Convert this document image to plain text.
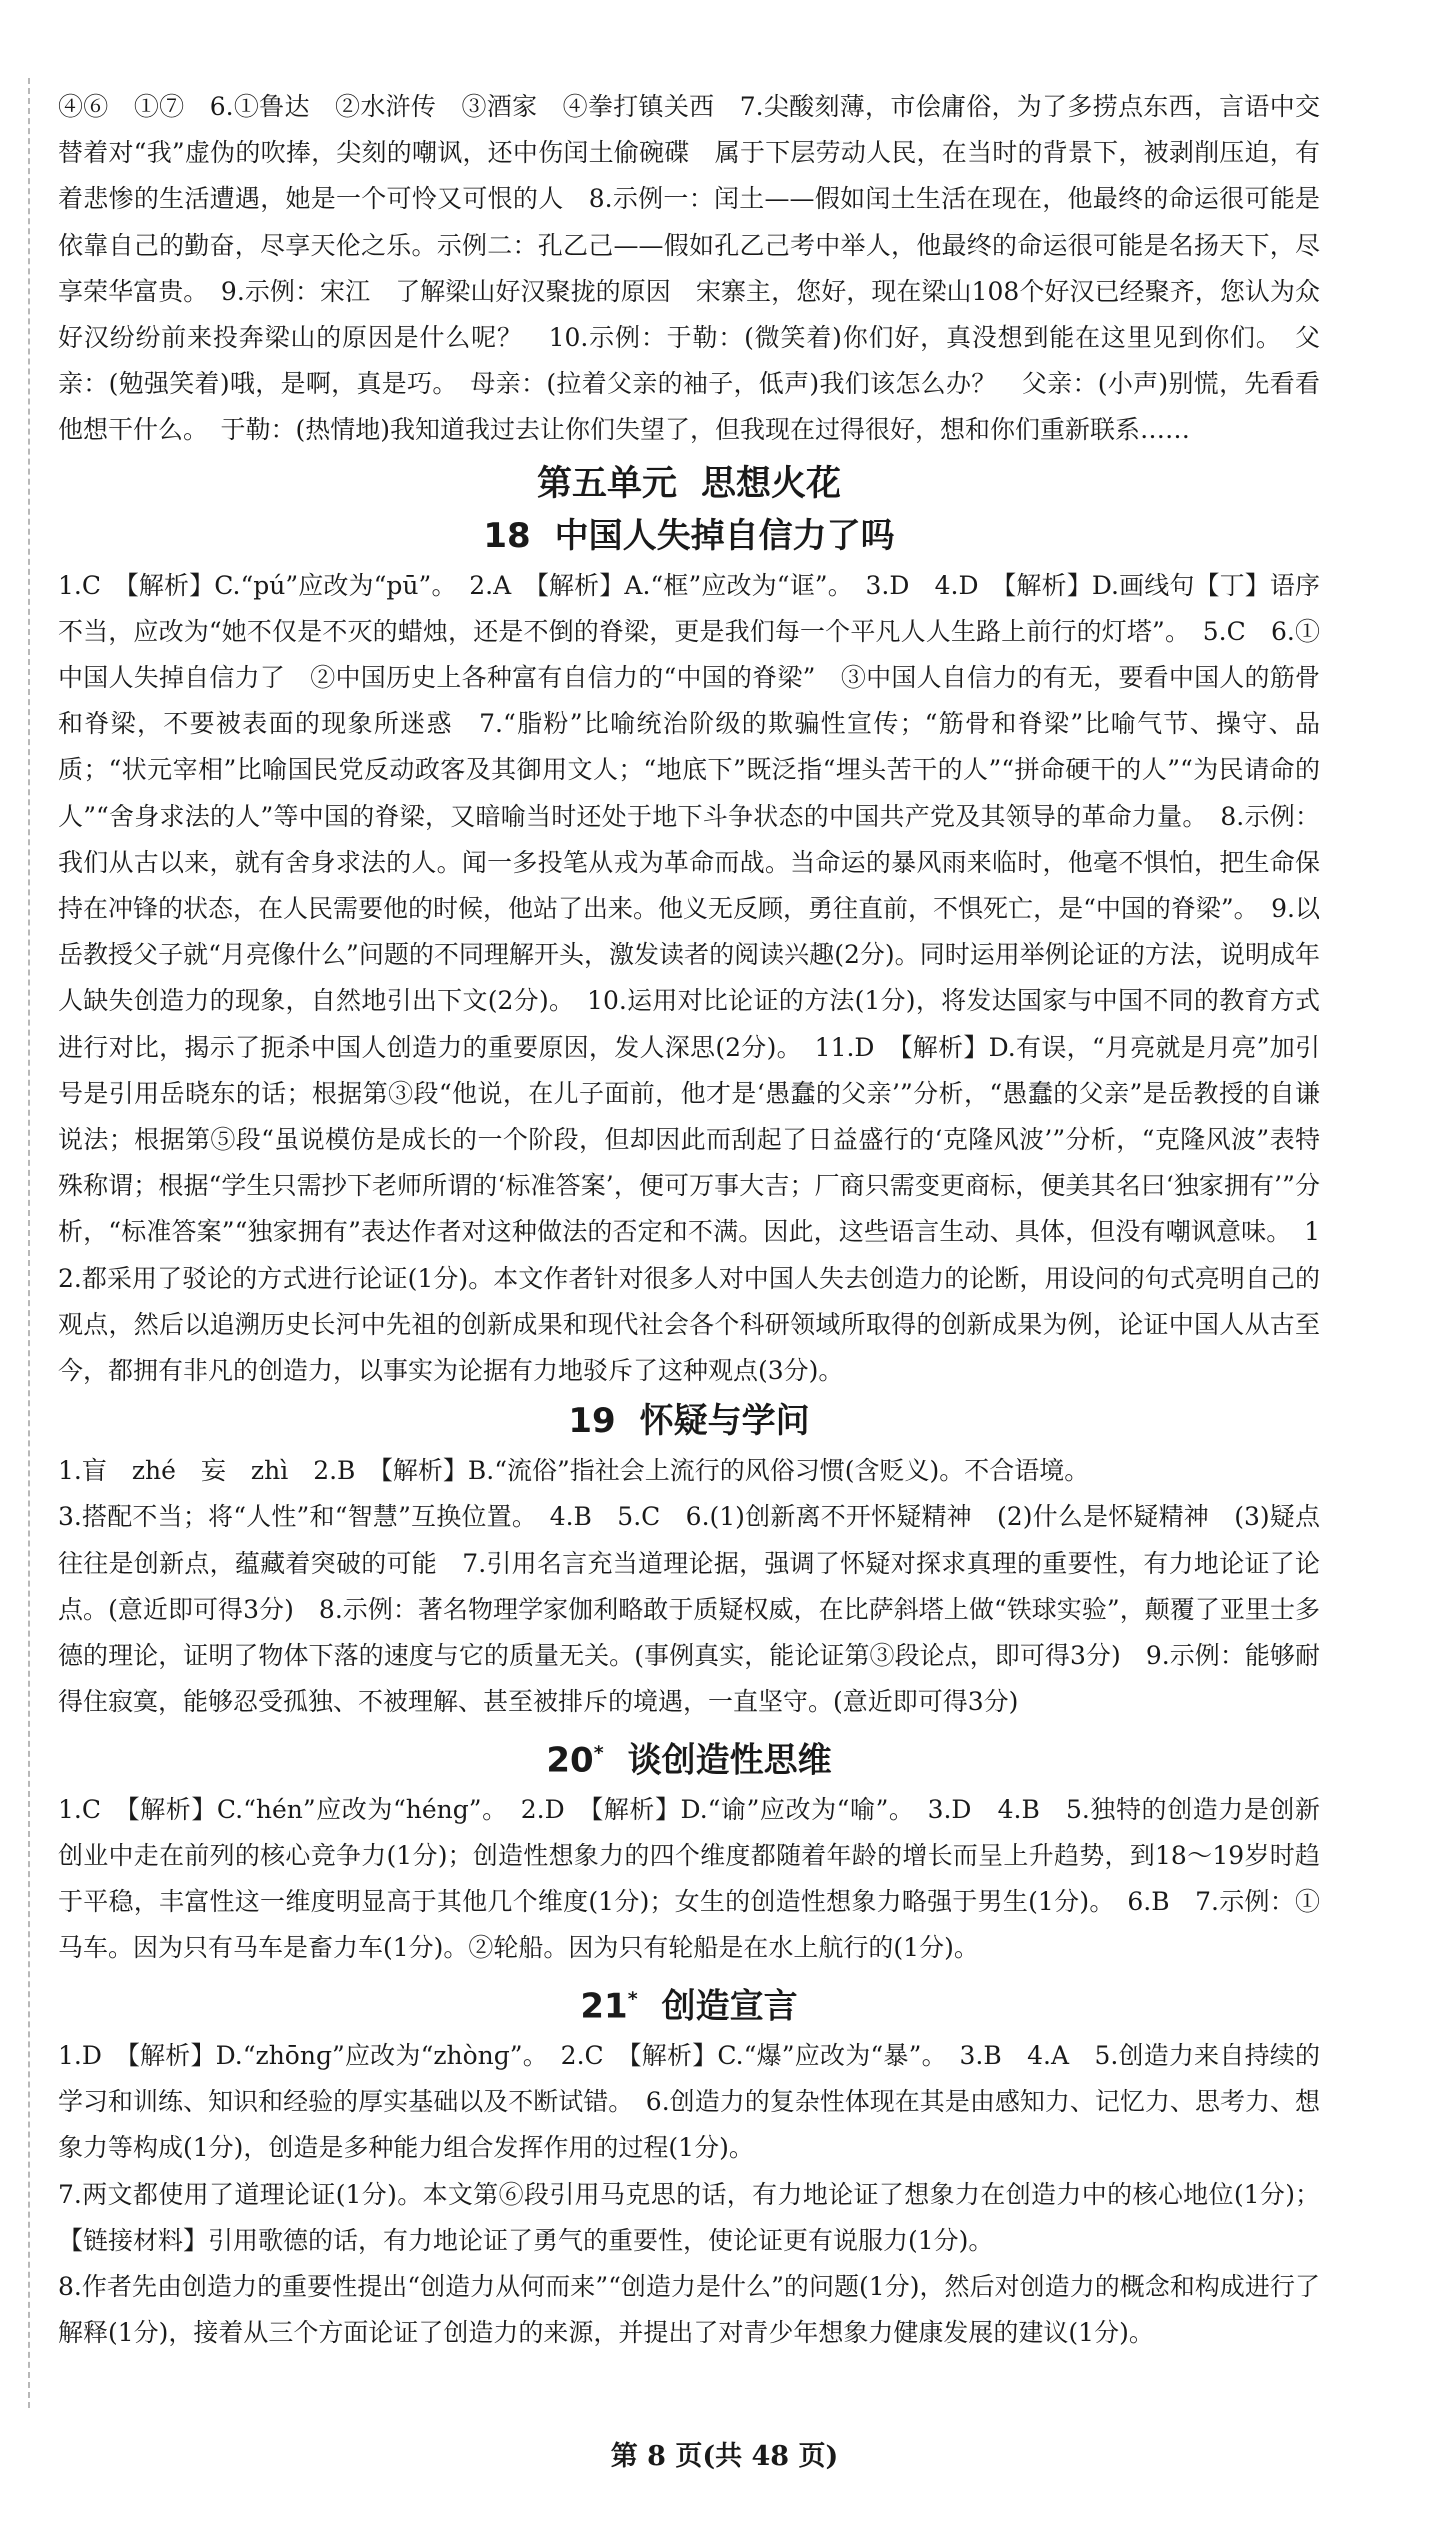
④⑥　①⑦　6.①鲁达　②水浒传　③酒家　④拳打镇关西　7.尖酸刻薄，市侩庸俗，为了多捞点东西，言语中交替着对“我”虚伪的吹捧，尖刻的嘲讽，还中伤闰土偷碗碟　属于下层劳动人民，在当时的背景下，被剥削压迫，有着悲惨的生活遭遇，她是一个可怜又可恨的人　8.示例一：闰土——假如闰土生活在现在，他最终的命运很可能是依靠自己的勤奋，尽享天伦之乐。示例二：孔乙己——假如孔乙己考中举人，他最终的命运很可能是名扬天下，尽享荣华富贵。　9.示例：宋江　了解梁山好汉聚拢的原因　宋寨主，您好，现在梁山108个好汉已经聚齐，您认为众好汉纷纷前来投奔梁山的原因是什么呢？　10.示例：于勒：(微笑着)你们好，真没想到能在这里见到你们。　父亲：(勉强笑着)哦，是啊，真是巧。　母亲：(拉着父亲的袖子，低声)我们该怎么办？　父亲：(小声)别慌，先看看他想干什么。　于勒：(热情地)我知道我过去让你们失望了，但我现在过得很好，想和你们重新联系……

第五单元 思想火花
18 中国人失掉自信力了吗

1.C　【解析】C.“pú”应改为“pū”。　2.A　【解析】A.“框”应改为“诓”。　3.D　4.D　【解析】D.画线句【丁】语序不当，应改为“她不仅是不灭的蜡烛，还是不倒的脊梁，更是我们每一个平凡人人生路上前行的灯塔”。　5.C　6.①中国人失掉自信力了　②中国历史上各种富有自信力的“中国的脊梁”　③中国人自信力的有无，要看中国人的筋骨和脊梁，不要被表面的现象所迷惑　7.“脂粉”比喻统治阶级的欺骗性宣传；“筋骨和脊梁”比喻气节、操守、品质；“状元宰相”比喻国民党反动政客及其御用文人；“地底下”既泛指“埋头苦干的人”“拼命硬干的人”“为民请命的人”“舍身求法的人”等中国的脊梁，又暗喻当时还处于地下斗争状态的中国共产党及其领导的革命力量。　8.示例：我们从古以来，就有舍身求法的人。闻一多投笔从戎为革命而战。当命运的暴风雨来临时，他毫不惧怕，把生命保持在冲锋的状态，在人民需要他的时候，他站了出来。他义无反顾，勇往直前，不惧死亡，是“中国的脊梁”。　9.以岳教授父子就“月亮像什么”问题的不同理解开头，激发读者的阅读兴趣(2分)。同时运用举例论证的方法，说明成年人缺失创造力的现象，自然地引出下文(2分)。　10.运用对比论证的方法(1分)，将发达国家与中国不同的教育方式进行对比，揭示了扼杀中国人创造力的重要原因，发人深思(2分)。　11.D　【解析】D.有误，“月亮就是月亮”加引号是引用岳晓东的话；根据第③段“他说，在儿子面前，他才是‘愚蠢的父亲’”分析，“愚蠢的父亲”是岳教授的自谦说法；根据第⑤段“虽说模仿是成长的一个阶段，但却因此而刮起了日益盛行的‘克隆风波’”分析，“克隆风波”表特殊称谓；根据“学生只需抄下老师所谓的‘标准答案’，便可万事大吉；厂商只需变更商标，便美其名曰‘独家拥有’”分析，“标准答案”“独家拥有”表达作者对这种做法的否定和不满。因此，这些语言生动、具体，但没有嘲讽意味。　12.都采用了驳论的方式进行论证(1分)。本文作者针对很多人对中国人失去创造力的论断，用设问的句式亮明自己的观点，然后以追溯历史长河中先祖的创新成果和现代社会各个科研领域所取得的创新成果为例，论证中国人从古至今，都拥有非凡的创造力，以事实为论据有力地驳斥了这种观点(3分)。

19 怀疑与学问

1.盲　zhé　妄　zhì　2.B　【解析】B.“流俗”指社会上流行的风俗习惯(含贬义)。不合语境。
3.搭配不当；将“人性”和“智慧”互换位置。　4.B　5.C　6.(1)创新离不开怀疑精神　(2)什么是怀疑精神　(3)疑点往往是创新点，蕴藏着突破的可能　7.引用名言充当道理论据，强调了怀疑对探求真理的重要性，有力地论证了论点。(意近即可得3分)　8.示例：著名物理学家伽利略敢于质疑权威，在比萨斜塔上做“铁球实验”，颠覆了亚里士多德的理论，证明了物体下落的速度与它的质量无关。(事例真实，能论证第③段论点，即可得3分)　9.示例：能够耐得住寂寞，能够忍受孤独、不被理解、甚至被排斥的境遇，一直坚守。(意近即可得3分)

20* 谈创造性思维

1.C　【解析】C.“hén”应改为“héng”。　2.D　【解析】D.“谕”应改为“喻”。　3.D　4.B　5.独特的创造力是创新创业中走在前列的核心竞争力(1分)；创造性想象力的四个维度都随着年龄的增长而呈上升趋势，到18～19岁时趋于平稳，丰富性这一维度明显高于其他几个维度(1分)；女生的创造性想象力略强于男生(1分)。　6.B　7.示例：①马车。因为只有马车是畜力车(1分)。②轮船。因为只有轮船是在水上航行的(1分)。

21* 创造宣言

1.D　【解析】D.“zhōnɡ”应改为“zhònɡ”。　2.C　【解析】C.“爆”应改为“暴”。　3.B　4.A　5.创造力来自持续的学习和训练、知识和经验的厚实基础以及不断试错。　6.创造力的复杂性体现在其是由感知力、记忆力、思考力、想象力等构成(1分)，创造是多种能力组合发挥作用的过程(1分)。
7.两文都使用了道理论证(1分)。本文第⑥段引用马克思的话，有力地论证了想象力在创造力中的核心地位(1分)；【链接材料】引用歌德的话，有力地论证了勇气的重要性，使论证更有说服力(1分)。
8.作者先由创造力的重要性提出“创造力从何而来”“创造力是什么”的问题(1分)，然后对创造力的概念和构成进行了解释(1分)，接着从三个方面论证了创造力的来源，并提出了对青少年想象力健康发展的建议(1分)。

第 8 页(共 48 页)
